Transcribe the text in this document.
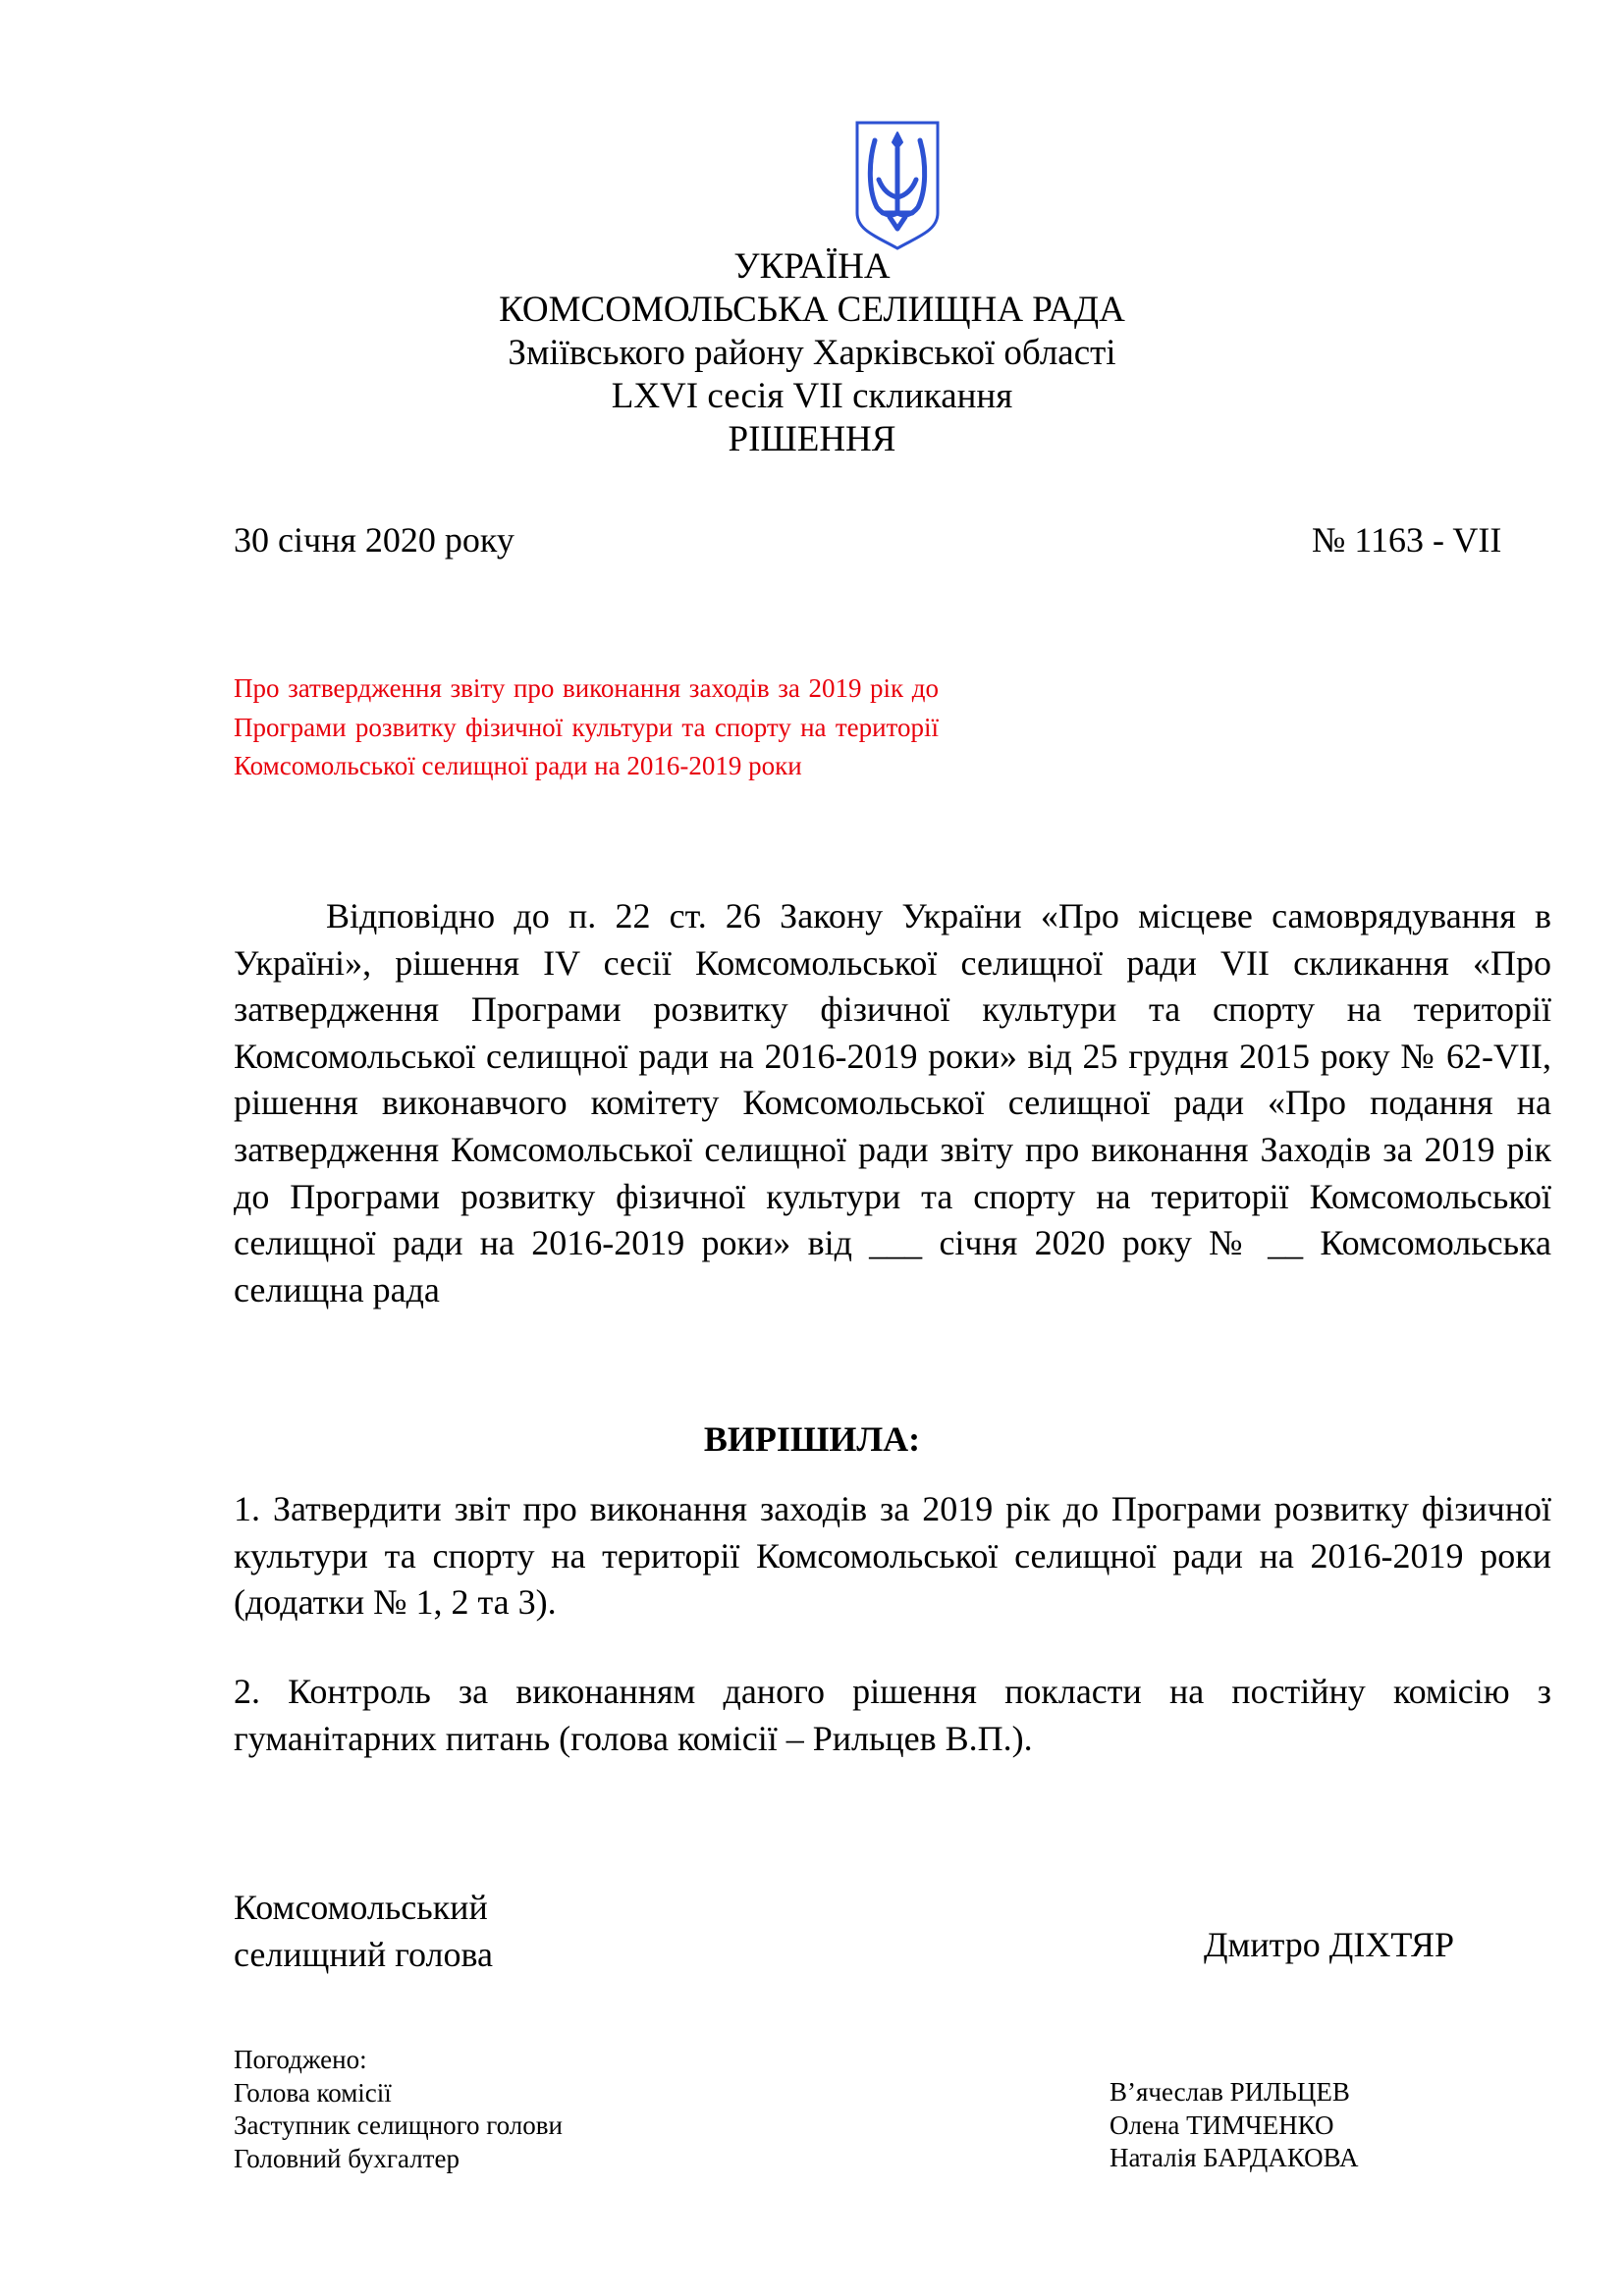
УКРАЇНА
КОМСОМОЛЬСЬКА СЕЛИЩНА РАДА
Зміївського району Харківської області
LXVI сесія VII скликання
РІШЕННЯ
30 січня 2020 року	№ 1163 - VII
Про затвердження звіту про виконання заходів за 2019 рік до Програми розвитку фізичної культури та спорту на території Комсомольської селищної ради на 2016-2019 роки

Відповідно до п. 22 ст. 26 Закону України «Про місцеве самоврядування в Україні», рішення IV сесії Комсомольської селищної ради VII скликання «Про затвердження Програми розвитку фізичної культури та спорту на території Комсомольської селищної ради на 2016-2019 роки» від 25 грудня 2015 року № 62-VII, рішення виконавчого комітету Комсомольської селищної ради «Про подання на затвердження Комсомольської селищної ради звіту про виконання Заходів за 2019 рік до Програми розвитку фізичної культури та спорту на території Комсомольської селищної ради на 2016-2019 роки» від ___ січня 2020 року № __ Комсомольська селищна рада

ВИРІШИЛА:

1. Затвердити звіт про виконання заходів за 2019 рік до Програми розвитку фізичної культури та спорту на території Комсомольської селищної ради на 2016-2019 роки (додатки № 1, 2 та 3).

2. Контроль за виконанням даного рішення покласти на постійну комісію з гуманітарних питань (голова комісії – Рильцев В.П.).

Комсомольський
селищний голова	Дмитро ДІХТЯР
Погоджено:
Голова комісії
Заступник селищного голови
Головний бухгалтер
В’ячеслав РИЛЬЦЕВ
Олена ТИМЧЕНКО
Наталія БАРДАКОВА
